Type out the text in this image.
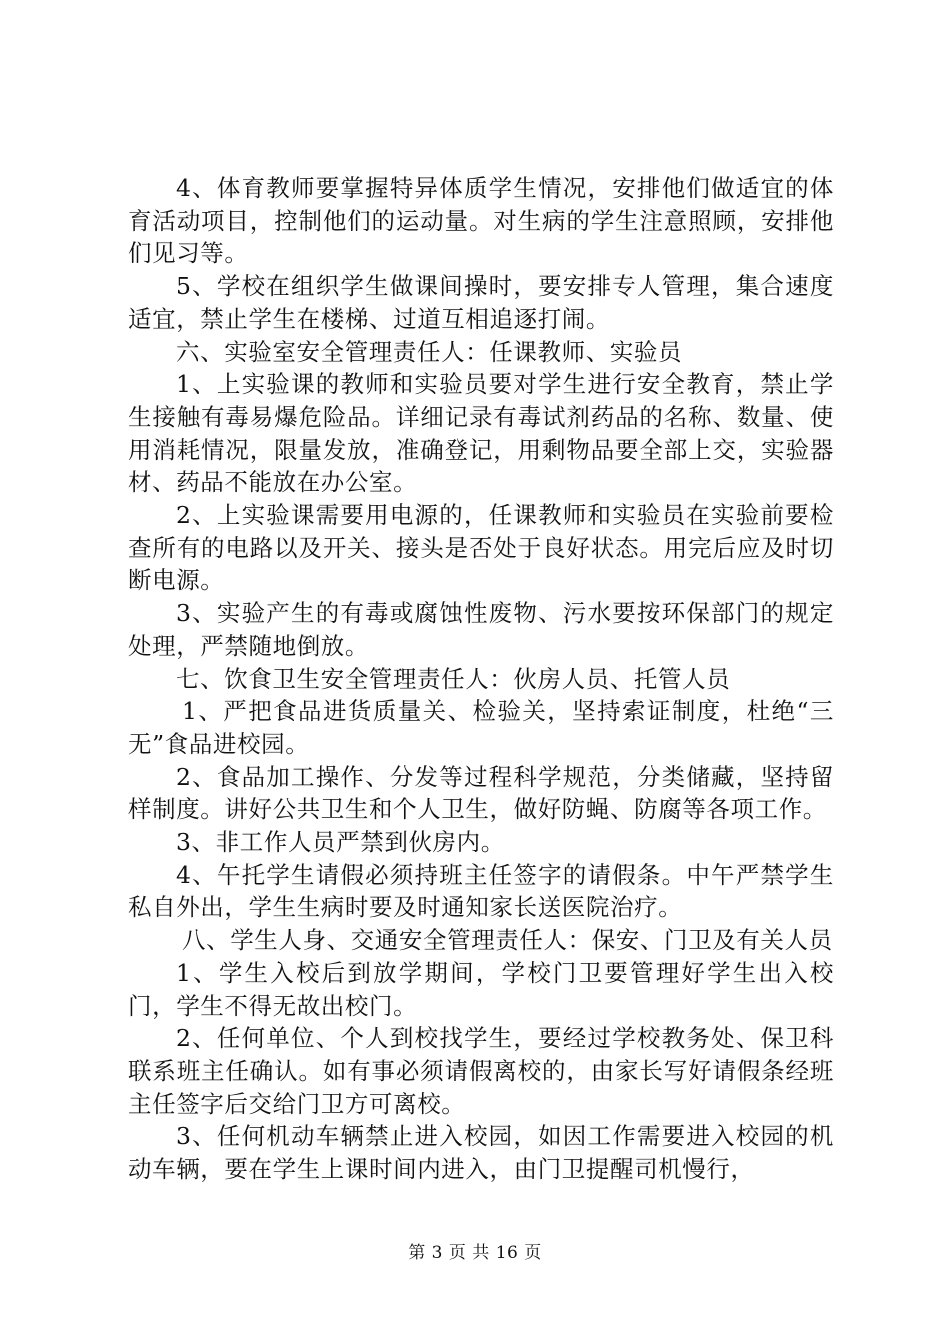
4、体育教师要掌握特异体质学生情况，安排他们做适宜的体育活动项目，控制他们的运动量。对生病的学生注意照顾，安排他们见习等。

5、学校在组织学生做课间操时，要安排专人管理，集合速度适宜，禁止学生在楼梯、过道互相追逐打闹。

六、实验室安全管理责任人：任课教师、实验员

1、上实验课的教师和实验员要对学生进行安全教育，禁止学生接触有毒易爆危险品。详细记录有毒试剂药品的名称、数量、使用消耗情况，限量发放，准确登记，用剩物品要全部上交，实验器材、药品不能放在办公室。

2、上实验课需要用电源的，任课教师和实验员在实验前要检查所有的电路以及开关、接头是否处于良好状态。用完后应及时切断电源。

3、实验产生的有毒或腐蚀性废物、污水要按环保部门的规定处理，严禁随地倒放。

七、饮食卫生安全管理责任人：伙房人员、托管人员

1、严把食品进货质量关、检验关，坚持索证制度，杜绝“三无”食品进校园。

2、食品加工操作、分发等过程科学规范，分类储藏，坚持留样制度。讲好公共卫生和个人卫生，做好防蝇、防腐等各项工作。

3、非工作人员严禁到伙房内。

4、午托学生请假必须持班主任签字的请假条。中午严禁学生私自外出，学生生病时要及时通知家长送医院治疗。

八、学生人身、交通安全管理责任人：保安、门卫及有关人员

1、学生入校后到放学期间，学校门卫要管理好学生出入校门，学生不得无故出校门。

2、任何单位、个人到校找学生，要经过学校教务处、保卫科联系班主任确认。如有事必须请假离校的，由家长写好请假条经班主任签字后交给门卫方可离校。

3、任何机动车辆禁止进入校园，如因工作需要进入校园的机动车辆，要在学生上课时间内进入，由门卫提醒司机慢行，

第 3 页 共 16 页
